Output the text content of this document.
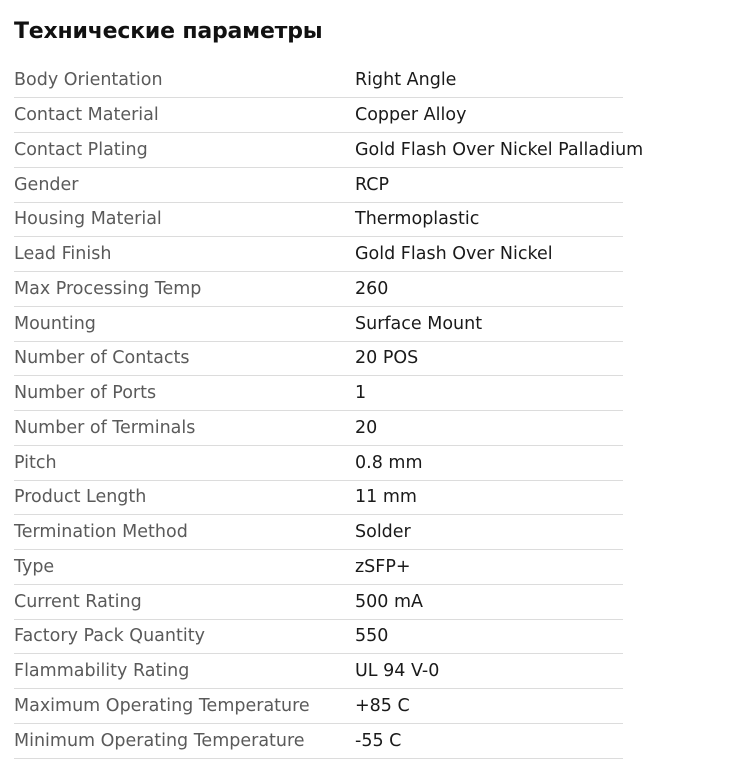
Технические параметры
Body Orientation	Right Angle
Contact Material	Copper Alloy
Contact Plating	Gold Flash Over Nickel Palladium
Gender	RCP
Housing Material	Thermoplastic
Lead Finish	Gold Flash Over Nickel
Max Processing Temp	260
Mounting	Surface Mount
Number of Contacts	20 POS
Number of Ports	1
Number of Terminals	20
Pitch	0.8 mm
Product Length	11 mm
Termination Method	Solder
Type	zSFP+
Current Rating	500 mA
Factory Pack Quantity	550
Flammability Rating	UL 94 V-0
Maximum Operating Temperature	+85 C
Minimum Operating Temperature	-55 C
